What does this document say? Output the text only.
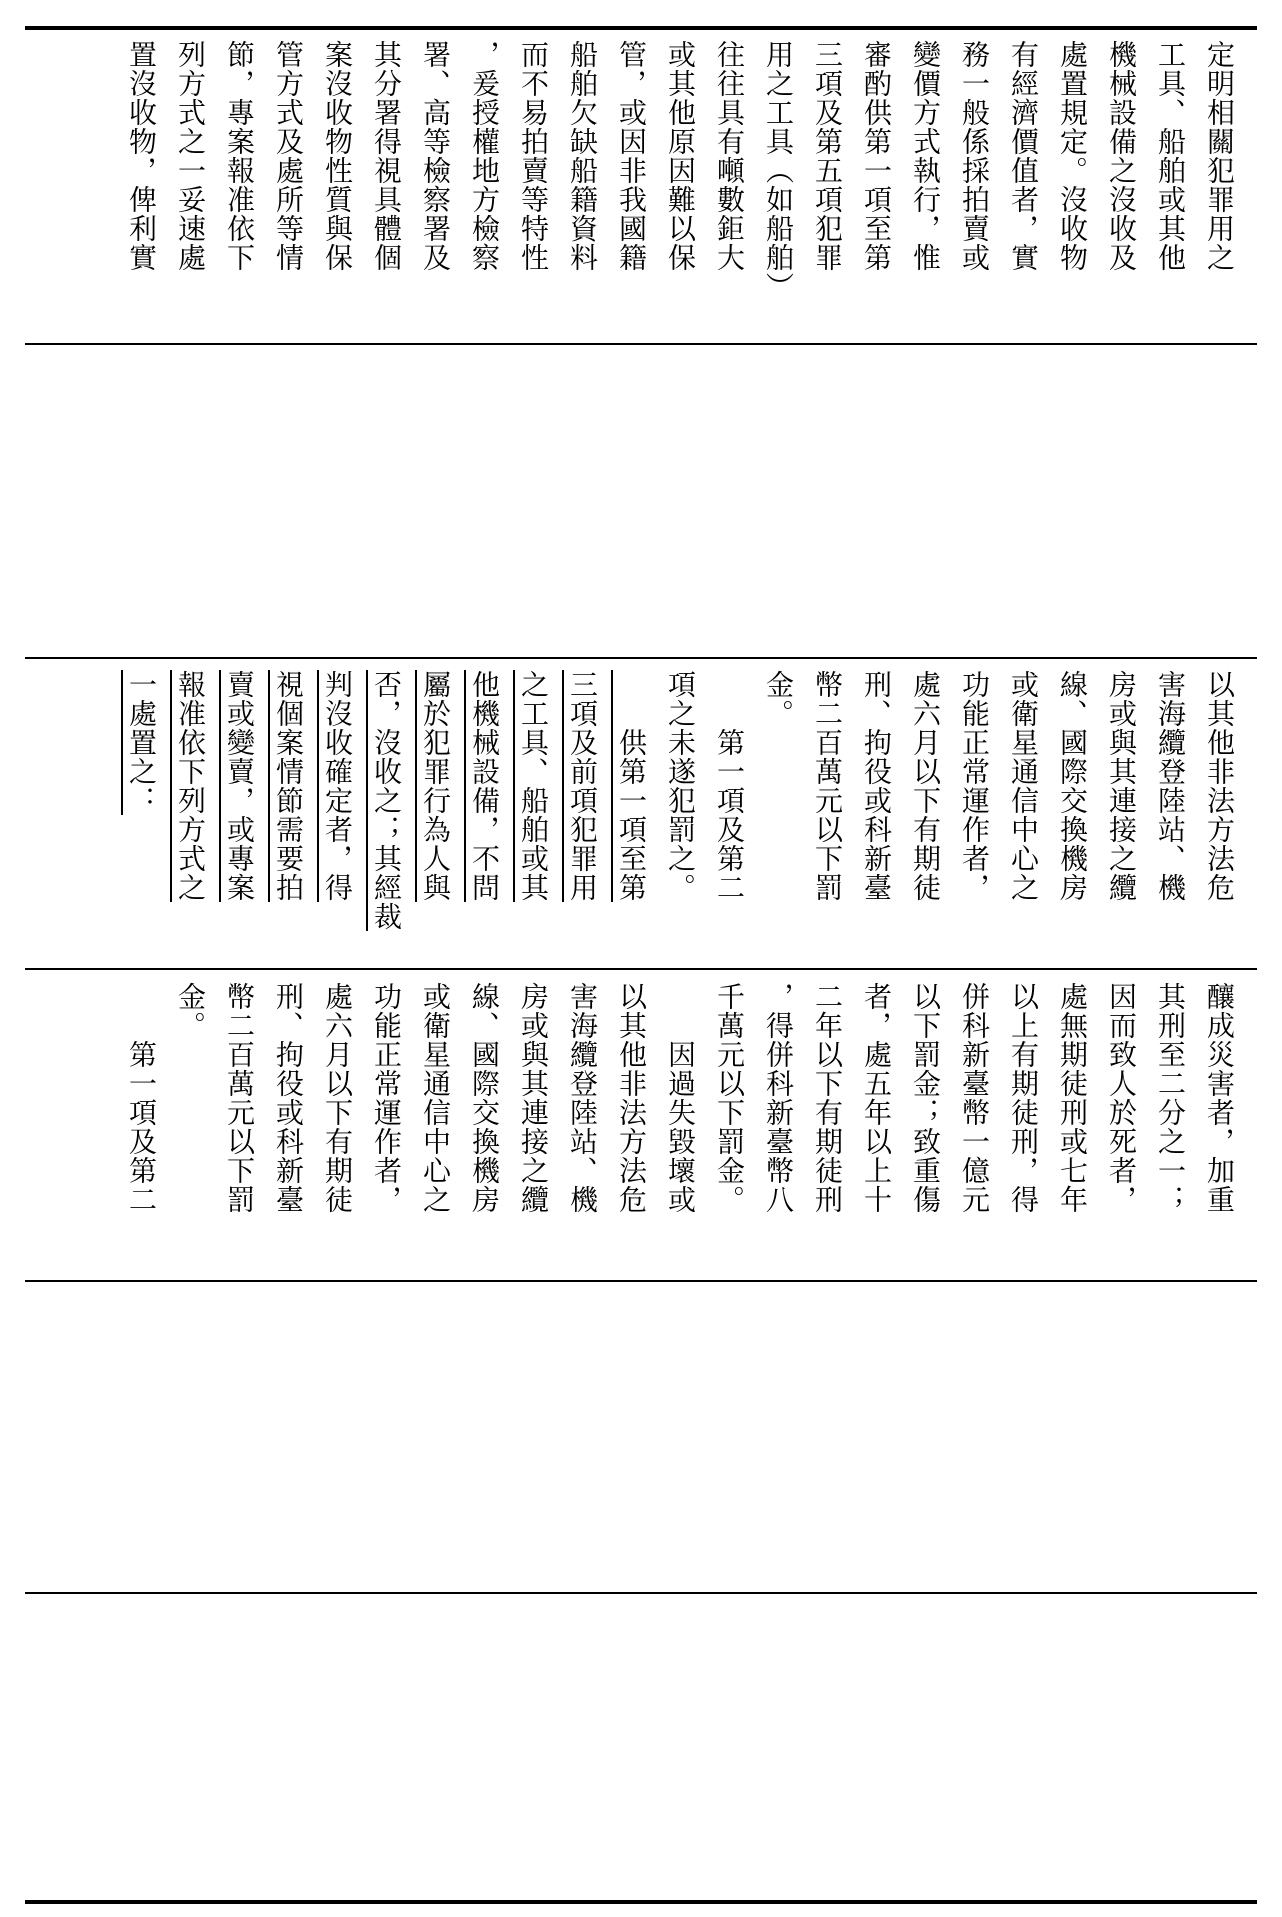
定明相關犯罪用之
工具、船舶或其他
機械設備之沒收及
處置規定。沒收物
有經濟價值者，實
務一般係採拍賣或
變價方式執行，惟
審酌供第一項至第
三項及第五項犯罪
用之工具（如船舶）
往往具有噸數鉅大
或其他原因難以保
管，或因非我國籍
船舶欠缺船籍資料
而不易拍賣等特性
，爰授權地方檢察
署、高等檢察署及
其分署得視具體個
案沒收物性質與保
管方式及處所等情
節，專案報准依下
列方式之一妥速處
置沒收物，俾利實
以其他非法方法危
害海纜登陸站、機
房或與其連接之纜
線、國際交換機房
或衛星通信中心之
功能正常運作者，
處六月以下有期徒
刑、拘役或科新臺
幣二百萬元以下罰
金。
　　第一項及第二
項之未遂犯罰之。
　　供第一項至第
三項及前項犯罪用
之工具、船舶或其
他機械設備，不問
屬於犯罪行為人與
否，沒收之；其經裁
判沒收確定者，得
視個案情節需要拍
賣或變賣，或專案
報准依下列方式之
一處置之：
釀成災害者，加重
其刑至二分之一；
因而致人於死者，
處無期徒刑或七年
以上有期徒刑，得
併科新臺幣一億元
以下罰金；致重傷
者，處五年以上十
二年以下有期徒刑
，得併科新臺幣八
千萬元以下罰金。
　　因過失毀壞或
以其他非法方法危
害海纜登陸站、機
房或與其連接之纜
線、國際交換機房
或衛星通信中心之
功能正常運作者，
處六月以下有期徒
刑、拘役或科新臺
幣二百萬元以下罰
金。
　　第一項及第二
